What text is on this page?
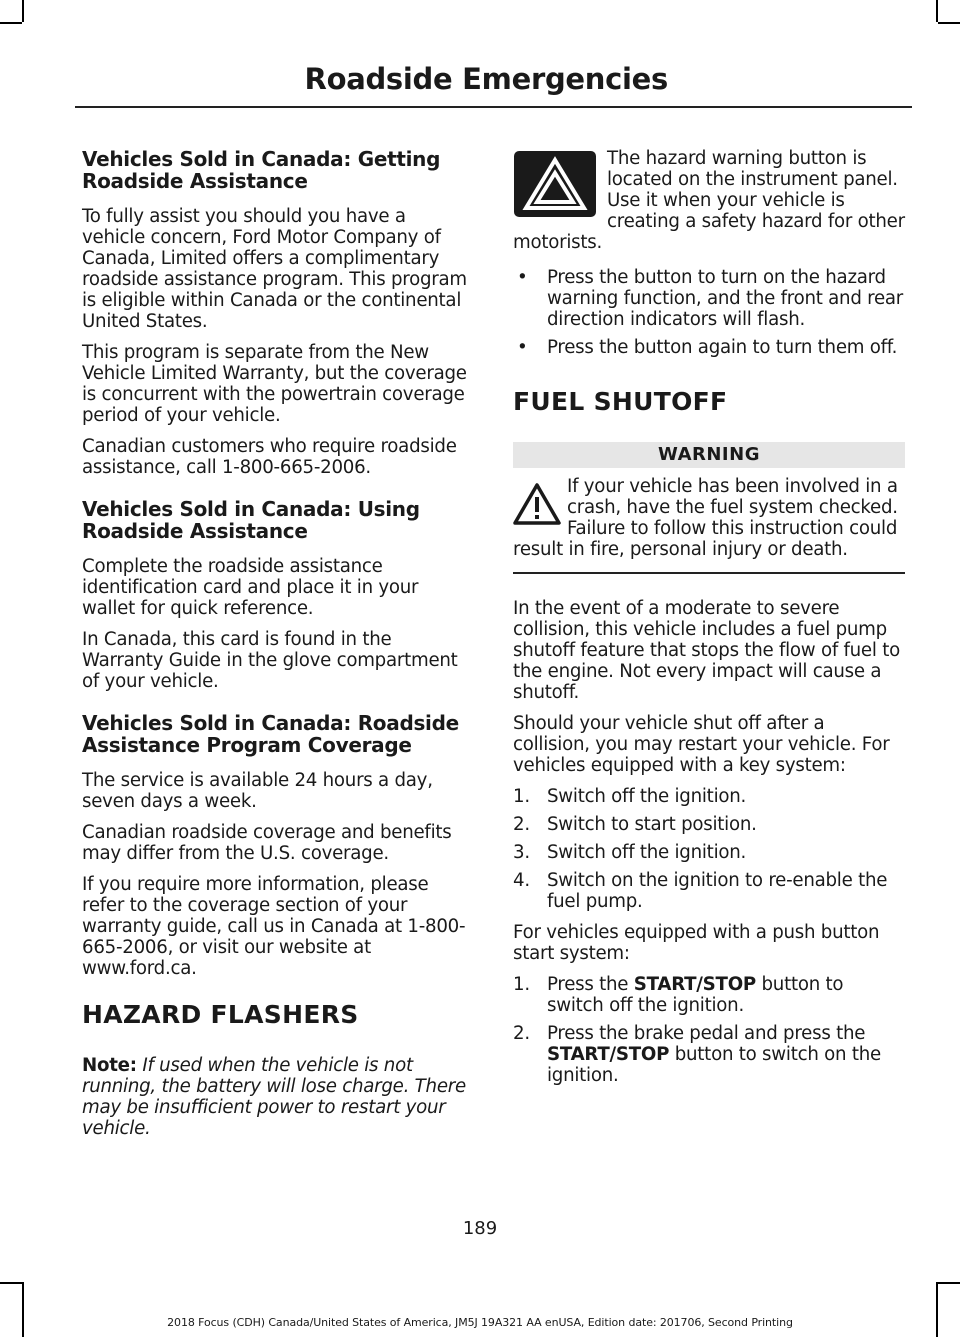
Roadside Emergencies
Vehicles Sold in Canada: Getting Roadside Assistance

To fully assist you should you have a vehicle concern, Ford Motor Company of Canada, Limited offers a complimentary roadside assistance program. This program is eligible within Canada or the continental United States.

This program is separate from the New Vehicle Limited Warranty, but the coverage is concurrent with the powertrain coverage period of your vehicle.

Canadian customers who require roadside assistance, call 1-800-665-2006.

Vehicles Sold in Canada: Using Roadside Assistance

Complete the roadside assistance identification card and place it in your wallet for quick reference.

In Canada, this card is found in the Warranty Guide in the glove compartment of your vehicle.

Vehicles Sold in Canada: Roadside Assistance Program Coverage

The service is available 24 hours a day, seven days a week.

Canadian roadside coverage and benefits may differ from the U.S. coverage.

If you require more information, please refer to the coverage section of your warranty guide, call us in Canada at 1-800-665-2006, or visit our website at www.ford.ca.

HAZARD FLASHERS

Note: If used when the vehicle is not running, the battery will lose charge. There may be insufficient power to restart your vehicle.

The hazard warning button is located on the instrument panel. Use it when your vehicle is creating a safety hazard for other motorists.

• Press the button to turn on the hazard warning function, and the front and rear direction indicators will flash.
• Press the button again to turn them off.
FUEL SHUTOFF
WARNING

If your vehicle has been involved in a crash, have the fuel system checked. Failure to follow this instruction could result in fire, personal injury or death.

In the event of a moderate to severe collision, this vehicle includes a fuel pump shutoff feature that stops the flow of fuel to the engine. Not every impact will cause a shutoff.

Should your vehicle shut off after a collision, you may restart your vehicle. For vehicles equipped with a key system:

1. Switch off the ignition.
2. Switch to start position.
3. Switch off the ignition.
4. Switch on the ignition to re-enable the fuel pump.

For vehicles equipped with a push button start system:

1. Press the START/STOP button to switch off the ignition.
2. Press the brake pedal and press the START/STOP button to switch on the ignition.
189
2018 Focus (CDH) Canada/United States of America, JM5J 19A321 AA enUSA, Edition date: 201706, Second Printing
